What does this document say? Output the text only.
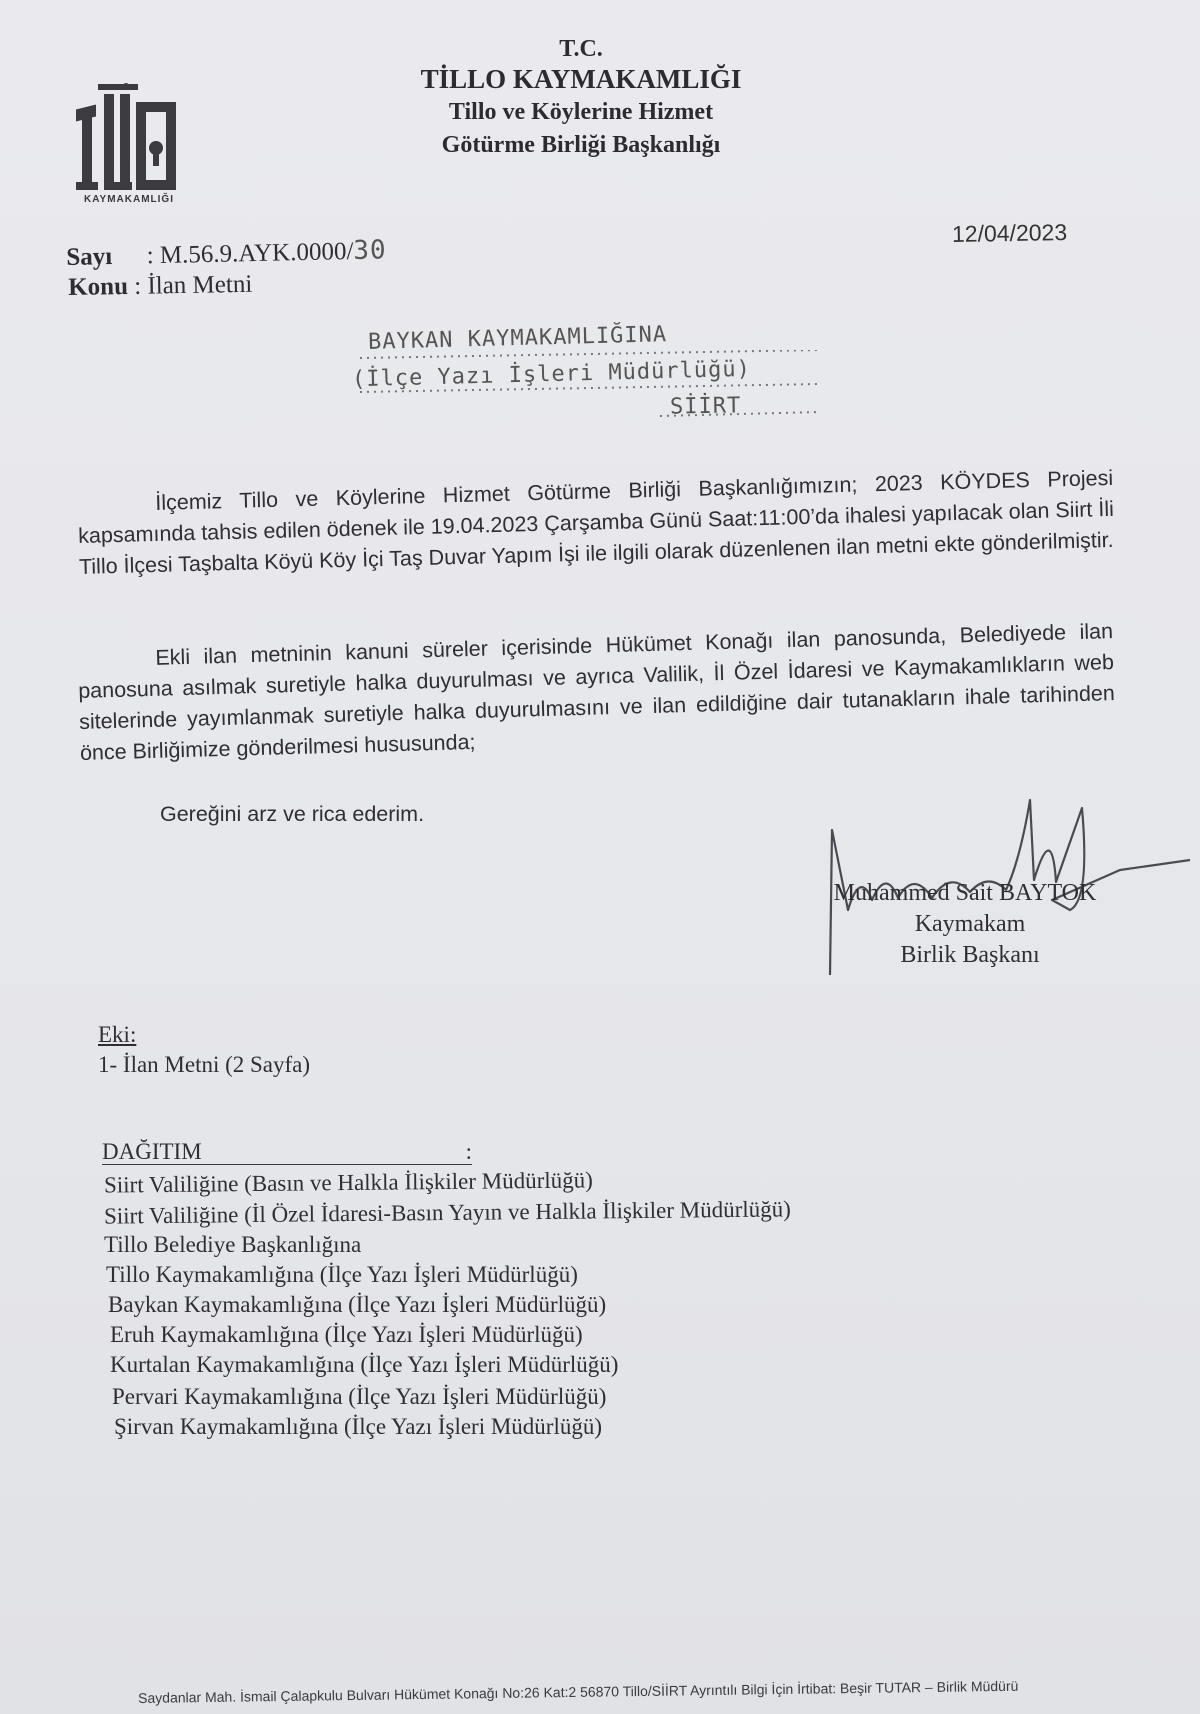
T.C.
TİLLO KAYMAKAMLIĞI
Tillo ve Köylerine Hizmet
Götürme Birliği Başkanlığı
KAYMAKAMLIĞI
12/04/2023
Sayı : M.56.9.AYK.0000/30
Konu : İlan Metni
BAYKAN KAYMAKAMLIĞINA
(İlçe Yazı İşleri Müdürlüğü)
SİİRT
İlçemiz Tillo ve Köylerine Hizmet Götürme Birliği Başkanlığımızın; 2023 KÖYDES Projesi kapsamında tahsis edilen ödenek ile 19.04.2023 Çarşamba Günü Saat:11:00’da ihalesi yapılacak olan Siirt İli Tillo İlçesi Taşbalta Köyü Köy İçi Taş Duvar Yapım İşi ile ilgili olarak düzenlenen ilan metni ekte gönderilmiştir.
Ekli ilan metninin kanuni süreler içerisinde Hükümet Konağı ilan panosunda, Belediyede ilan panosuna asılmak suretiyle halka duyurulması ve ayrıca Valilik, İl Özel İdaresi ve Kaymakamlıkların web sitelerinde yayımlanmak suretiyle halka duyurulmasını ve ilan edildiğine dair tutanakların ihale tarihinden önce Birliğimize gönderilmesi hususunda;
Gereğini arz ve rica ederim.
Muhammed Sait BAYTOK
Kaymakam
Birlik Başkanı
Eki:
1- İlan Metni (2 Sayfa)
DAĞITIM	:
Siirt Valiliğine (Basın ve Halkla İlişkiler Müdürlüğü)
Siirt Valiliğine (İl Özel İdaresi-Basın Yayın ve Halkla İlişkiler Müdürlüğü)
Tillo Belediye Başkanlığına
Tillo Kaymakamlığına (İlçe Yazı İşleri Müdürlüğü)
Baykan Kaymakamlığına (İlçe Yazı İşleri Müdürlüğü)
Eruh Kaymakamlığına (İlçe Yazı İşleri Müdürlüğü)
Kurtalan Kaymakamlığına (İlçe Yazı İşleri Müdürlüğü)
Pervari Kaymakamlığına (İlçe Yazı İşleri Müdürlüğü)
Şirvan Kaymakamlığına (İlçe Yazı İşleri Müdürlüğü)
Saydanlar Mah. İsmail Çalapkulu Bulvarı Hükümet Konağı No:26 Kat:2 56870 Tillo/SİİRT Ayrıntılı Bilgi İçin İrtibat: Beşir TUTAR – Birlik Müdürü
